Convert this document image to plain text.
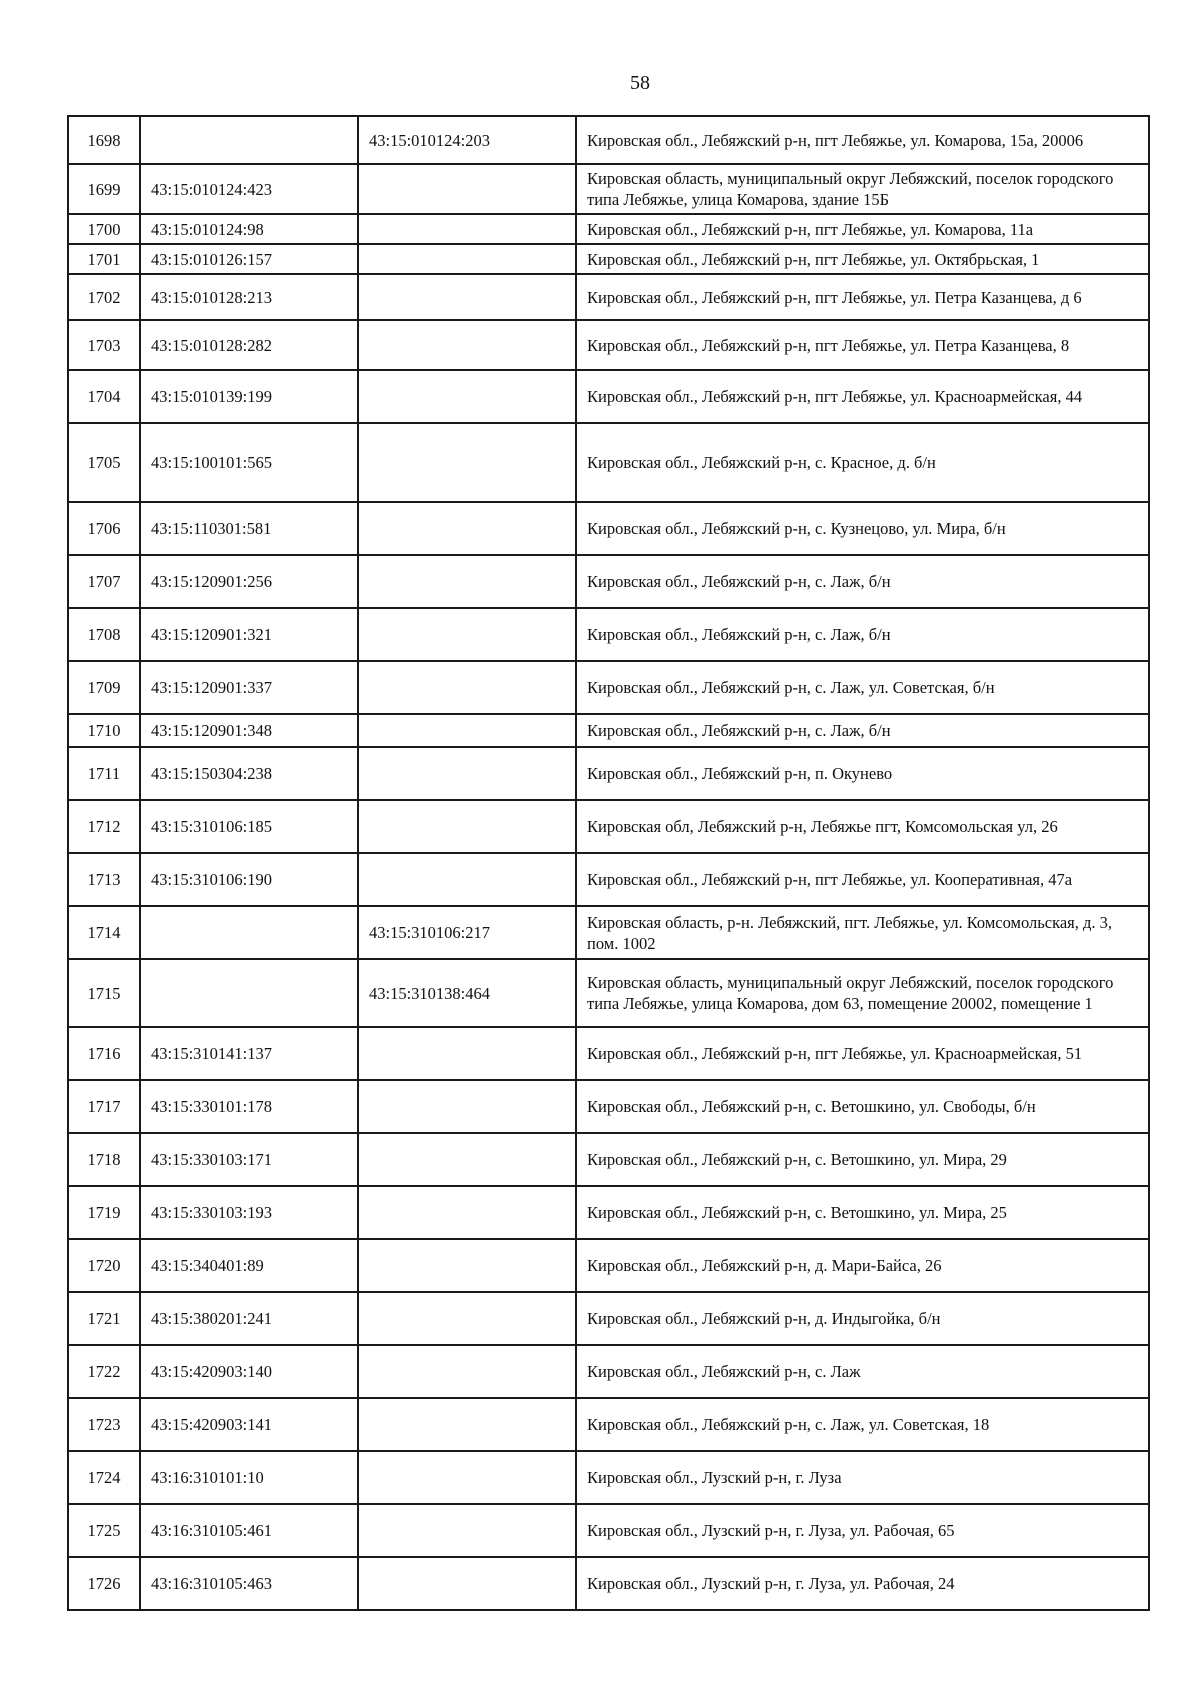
58
1698		43:15:010124:203	Кировская обл., Лебяжский р-н, пгт Лебяжье, ул. Комарова, 15а, 20006
1699	43:15:010124:423		Кировская область, муниципальный округ Лебяжский, поселок городского типа Лебяжье, улица Комарова, здание 15Б
1700	43:15:010124:98		Кировская обл., Лебяжский р-н, пгт Лебяжье, ул. Комарова, 11а
1701	43:15:010126:157		Кировская обл., Лебяжский р-н, пгт Лебяжье, ул. Октябрьская, 1
1702	43:15:010128:213		Кировская обл., Лебяжский р-н, пгт Лебяжье, ул. Петра Казанцева, д 6
1703	43:15:010128:282		Кировская обл., Лебяжский р-н, пгт Лебяжье, ул. Петра Казанцева, 8
1704	43:15:010139:199		Кировская обл., Лебяжский р-н, пгт Лебяжье, ул. Красноармейская, 44
1705	43:15:100101:565		Кировская обл., Лебяжский р-н, с. Красное, д. б/н
1706	43:15:110301:581		Кировская обл., Лебяжский р-н, с. Кузнецово, ул. Мира, б/н
1707	43:15:120901:256		Кировская обл., Лебяжский р-н, с. Лаж, б/н
1708	43:15:120901:321		Кировская обл., Лебяжский р-н, с. Лаж, б/н
1709	43:15:120901:337		Кировская обл., Лебяжский р-н, с. Лаж, ул. Советская, б/н
1710	43:15:120901:348		Кировская обл., Лебяжский р-н, с. Лаж, б/н
1711	43:15:150304:238		Кировская обл., Лебяжский р-н, п. Окунево
1712	43:15:310106:185		Кировская обл, Лебяжский р-н, Лебяжье пгт, Комсомольская ул, 26
1713	43:15:310106:190		Кировская обл., Лебяжский р-н, пгт Лебяжье, ул. Кооперативная, 47а
1714		43:15:310106:217	Кировская область, р-н. Лебяжский, пгт. Лебяжье, ул. Комсомольская, д. 3, пом. 1002
1715		43:15:310138:464	Кировская область, муниципальный округ Лебяжский, поселок городского типа Лебяжье, улица Комарова, дом 63, помещение 20002, помещение 1
1716	43:15:310141:137		Кировская обл., Лебяжский р-н, пгт Лебяжье, ул. Красноармейская, 51
1717	43:15:330101:178		Кировская обл., Лебяжский р-н, с. Ветошкино, ул. Свободы, б/н
1718	43:15:330103:171		Кировская обл., Лебяжский р-н, с. Ветошкино, ул. Мира, 29
1719	43:15:330103:193		Кировская обл., Лебяжский р-н, с. Ветошкино, ул. Мира, 25
1720	43:15:340401:89		Кировская обл., Лебяжский р-н, д. Мари-Байса, 26
1721	43:15:380201:241		Кировская обл., Лебяжский р-н, д. Индыгойка, б/н
1722	43:15:420903:140		Кировская обл., Лебяжский р-н, с. Лаж
1723	43:15:420903:141		Кировская обл., Лебяжский р-н, с. Лаж, ул. Советская, 18
1724	43:16:310101:10		Кировская обл., Лузский р-н, г. Луза
1725	43:16:310105:461		Кировская обл., Лузский р-н, г. Луза, ул. Рабочая, 65
1726	43:16:310105:463		Кировская обл., Лузский р-н, г. Луза, ул. Рабочая, 24
